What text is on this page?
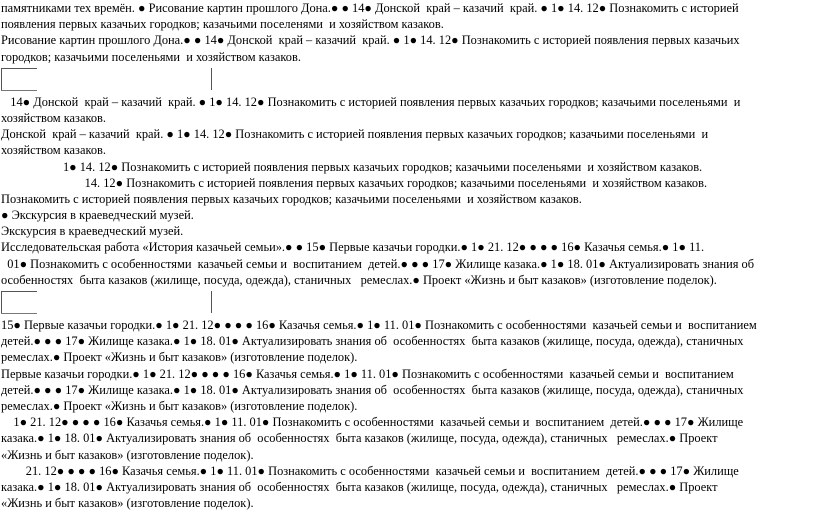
памятниками тех времён. ● Рисование картин прошлого Дона.● ● 14● Донской  край – казачий  край. ● 1● 14. 12● Познакомить с историей
появления первых казачьих городков; казачьими поселенями  и хозяйством казаков.
Рисование картин прошлого Дона.● ● 14● Донской  край – казачий  край. ● 1● 14. 12● Познакомить с историей появления первых казачьих
городков; казачьими поселеньями  и хозяйством казаков.
14● Донской  край – казачий  край. ● 1● 14. 12● Познакомить с историей появления первых казачьих городков; казачьими поселеньями  и
хозяйством казаков.
Донской  край – казачий  край. ● 1● 14. 12● Познакомить с историей появления первых казачьих городков; казачьими поселеньями  и
хозяйством казаков.
1● 14. 12● Познакомить с историей появления первых казачьих городков; казачьими поселеньями  и хозяйством казаков.
14. 12● Познакомить с историей появления первых казачьих городков; казачьими поселеньями  и хозяйством казаков.
Познакомить с историей появления первых казачьих городков; казачьими поселеньями  и хозяйством казаков.
● Экскурсия в краеведческий музей.
Экскурсия в краеведческий музей.
Исследовательская работа «История казачьей семьи».● ● 15● Первые казачьи городки.● 1● 21. 12● ● ● ● 16● Казачья семья.● 1● 11.
01● Познакомить с особенностями  казачьей семьи и  воспитанием  детей.● ● ● 17● Жилище казака.● 1● 18. 01● Актуализировать знания об
особенностях  быта казаков (жилище, посуда, одежда), станичных   ремеслах.● Проект «Жизнь и быт казаков» (изготовление поделок).
15● Первые казачьи городки.● 1● 21. 12● ● ● ● 16● Казачья семья.● 1● 11. 01● Познакомить с особенностями  казачьей семьи и  воспитанием
детей.● ● ● 17● Жилище казака.● 1● 18. 01● Актуализировать знания об  особенностях  быта казаков (жилище, посуда, одежда), станичных
ремеслах.● Проект «Жизнь и быт казаков» (изготовление поделок).
Первые казачьи городки.● 1● 21. 12● ● ● ● 16● Казачья семья.● 1● 11. 01● Познакомить с особенностями  казачьей семьи и  воспитанием
детей.● ● ● 17● Жилище казака.● 1● 18. 01● Актуализировать знания об  особенностях  быта казаков (жилище, посуда, одежда), станичных
ремеслах.● Проект «Жизнь и быт казаков» (изготовление поделок).
1● 21. 12● ● ● ● 16● Казачья семья.● 1● 11. 01● Познакомить с особенностями  казачьей семьи и  воспитанием  детей.● ● ● 17● Жилище
казака.● 1● 18. 01● Актуализировать знания об  особенностях  быта казаков (жилище, посуда, одежда), станичных   ремеслах.● Проект
«Жизнь и быт казаков» (изготовление поделок).
21. 12● ● ● ● 16● Казачья семья.● 1● 11. 01● Познакомить с особенностями  казачьей семьи и  воспитанием  детей.● ● ● 17● Жилище
казака.● 1● 18. 01● Актуализировать знания об  особенностях  быта казаков (жилище, посуда, одежда), станичных   ремеслах.● Проект
«Жизнь и быт казаков» (изготовление поделок).
